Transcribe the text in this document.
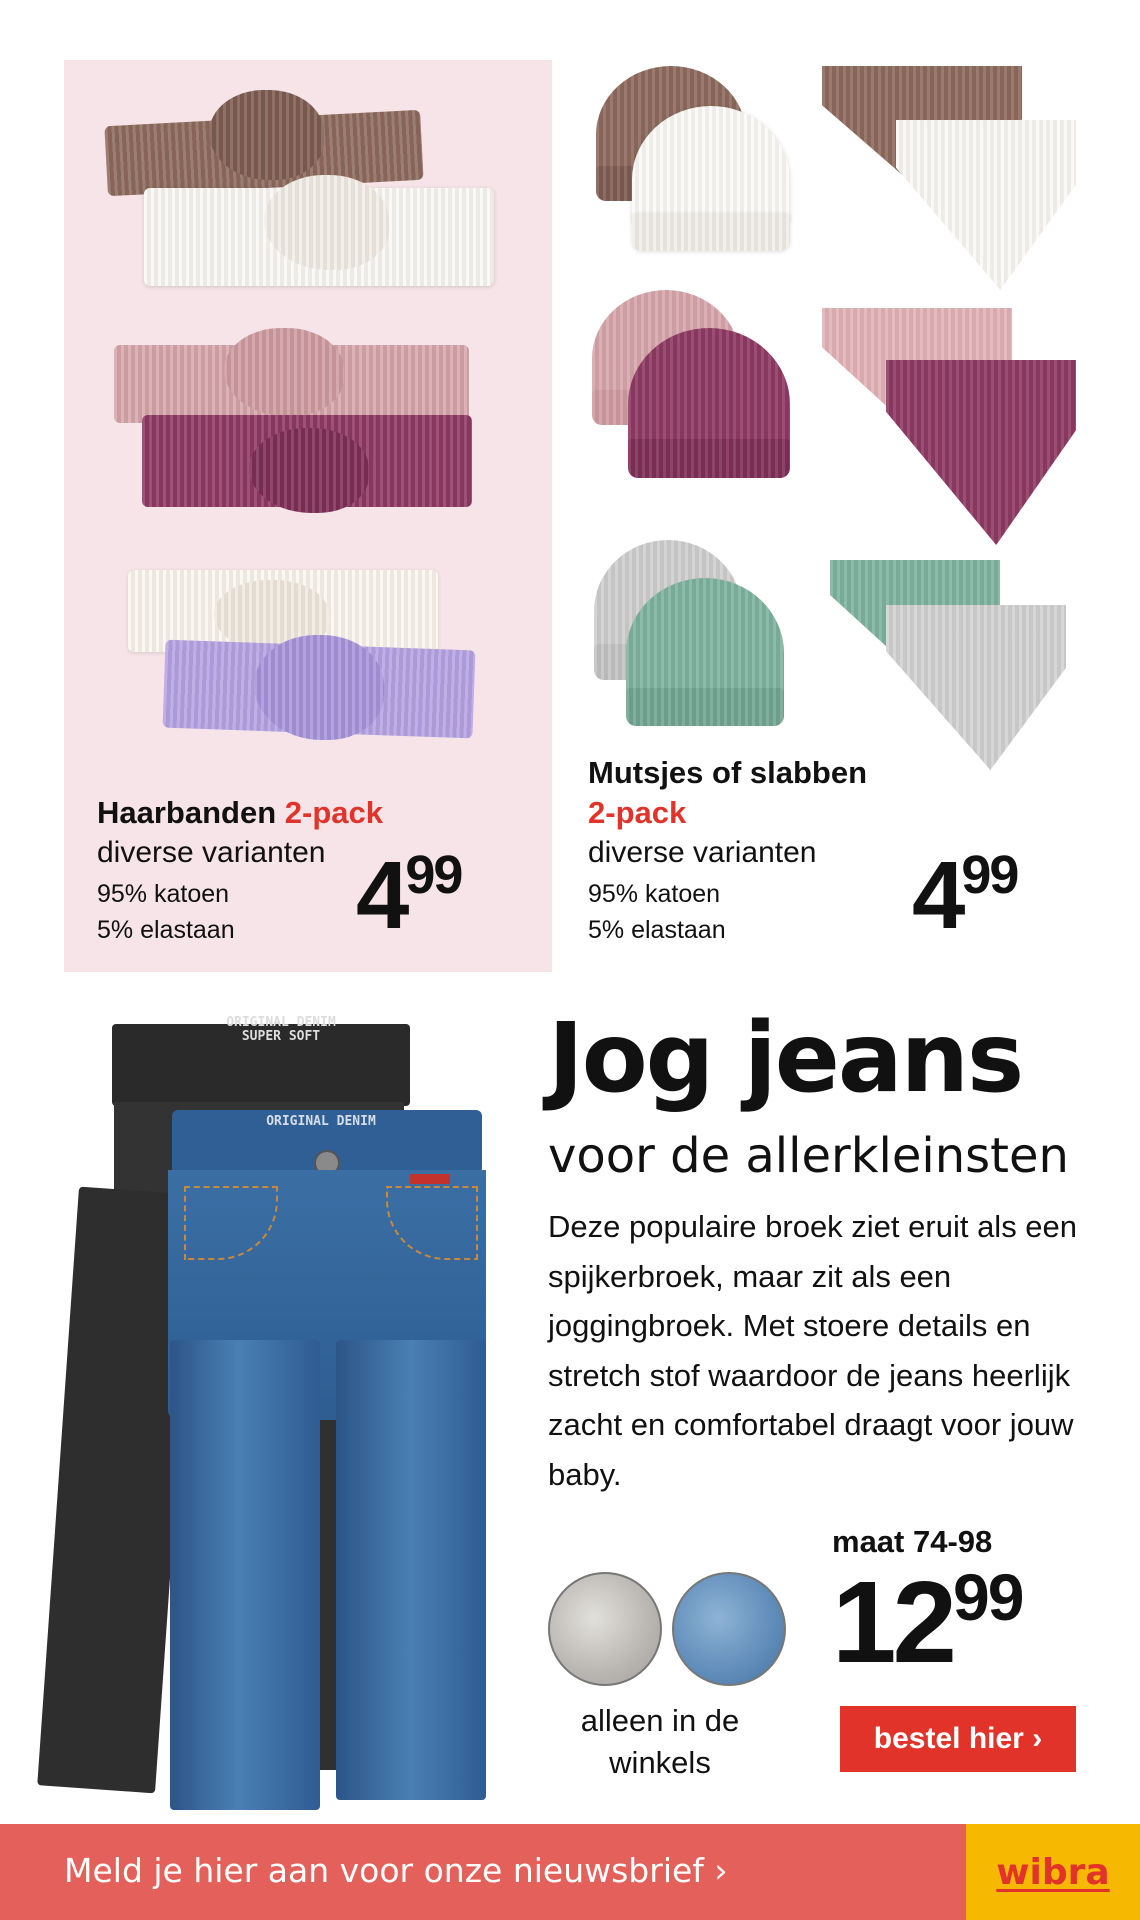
Haarbanden 2-pack
diverse varianten
95% katoen
5% elastaan 4 99
Mutsjes of slabben
2-pack
diverse varianten
95% katoen
5% elastaan 4 99
ORIGINAL DENIM
SUPER SOFT
ORIGINAL DENIM
Jog jeans
voor de allerkleinsten
Deze populaire broek ziet eruit als een spijkerbroek, maar zit als een joggingbroek. Met stoere details en stretch stof waardoor de jeans heerlijk zacht en comfortabel draagt voor jouw baby.
maat 74-98
12 99
alleen in de winkels
bestel hier ›
Meld je hier aan voor onze nieuwsbrief ›	wibra
